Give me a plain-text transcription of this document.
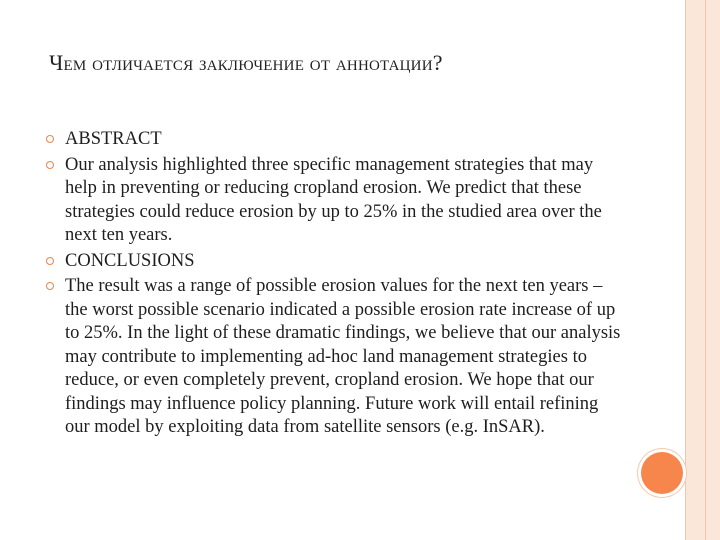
Чем отличается заключение от аннотации?
ABSTRACT
Our analysis highlighted three specific management strategies that may help in preventing or reducing cropland erosion. We predict that these strategies could reduce erosion by up to 25% in the studied area over the next ten years.
CONCLUSIONS
The result was a range of possible erosion values for the next ten years – the worst possible scenario indicated a possible erosion rate increase of up to 25%. In the light of these dramatic findings, we believe that our analysis may contribute to implementing ad-hoc land management strategies to reduce, or even completely prevent, cropland erosion. We hope that our findings may influence policy planning. Future work will entail refining our model by exploiting data from satellite sensors (e.g. InSAR).
